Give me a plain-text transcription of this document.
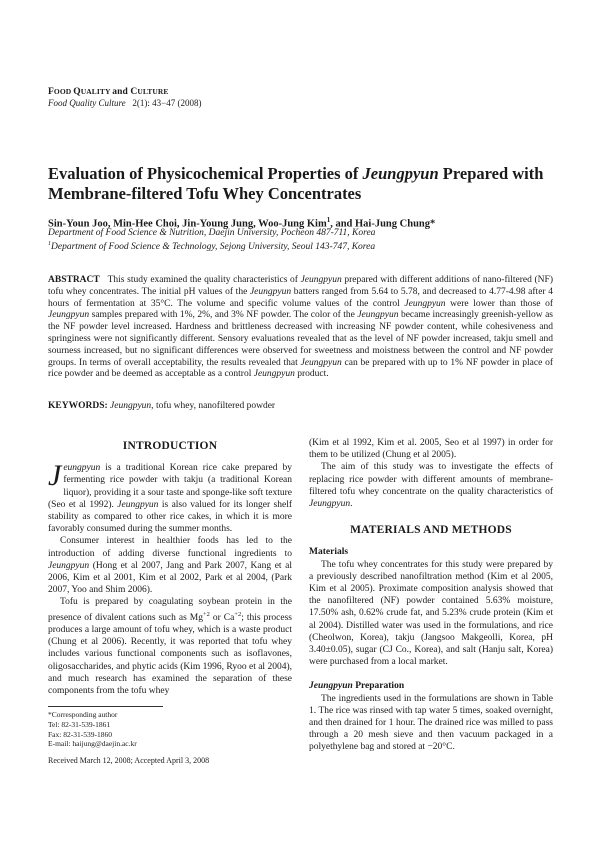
FOOD QUALITY and CULTURE
Food Quality Culture 2(1): 43−47 (2008)
Evaluation of Physicochemical Properties of Jeungpyun Prepared with
Membrane-filtered Tofu Whey Concentrates
Sin-Youn Joo, Min-Hee Choi, Jin-Young Jung, Woo-Jung Kim$^1$, and Hai-Jung Chung*
Department of Food Science & Nutrition, Daejin University, Pocheon 487-711, Korea
$^1$Department of Food Science & Technology, Sejong University, Seoul 143-747, Korea
ABSTRACT This study examined the quality characteristics of Jeungpyun prepared with different additions of nano-filtered (NF) tofu whey concentrates. The initial pH values of the Jeungpyun batters ranged from 5.64 to 5.78, and decreased to 4.77-4.98 after 4 hours of fermentation at 35°C. The volume and specific volume values of the control Jeungpyun were lower than those of Jeungpyun samples prepared with 1%, 2%, and 3% NF powder. The color of the Jeungpyun became increasingly greenish-yellow as the NF powder level increased. Hardness and brittleness decreased with increasing NF powder content, while cohesiveness and springiness were not significantly different. Sensory evaluations revealed that as the level of NF powder increased, takju smell and sourness increased, but no significant differences were observed for sweetness and moistness between the control and NF powder groups. In terms of overall acceptability, the results revealed that Jeungpyun can be prepared with up to 1% NF powder in place of rice powder and be deemed as acceptable as a control Jeungpyun product.
KEYWORDS: Jeungpyun, tofu whey, nanofiltered powder
INTRODUCTION

Jeungpyun is a traditional Korean rice cake prepared by fermenting rice powder with takju (a traditional Korean liquor), providing it a sour taste and sponge-like soft texture (Seo et al 1992). Jeungpyun is also valued for its longer shelf stability as compared to other rice cakes, in which it is more favorably consumed during the summer months.

Consumer interest in healthier foods has led to the introduction of adding diverse functional ingredients to Jeungpyun (Hong et al 2007, Jang and Park 2007, Kang et al 2006, Kim et al 2001, Kim et al 2002, Park et al 2004, (Park 2007, Yoo and Shim 2006).

Tofu is prepared by coagulating soybean protein in the presence of divalent cations such as $Mg^{+2}$ or $Ca^{+2}$; this process produces a large amount of tofu whey, which is a waste product (Chung et al 2006). Recently, it was reported that tofu whey includes various functional components such as isoflavones, oligosaccharides, and phytic acids (Kim 1996, Ryoo et al 2004), and much research has examined the separation of these components from the tofu whey

(Kim et al 1992, Kim et al. 2005, Seo et al 1997) in order for them to be utilized (Chung et al 2005).

The aim of this study was to investigate the effects of replacing rice powder with different amounts of membrane-filtered tofu whey concentrate on the quality characteristics of Jeungpyun.

MATERIALS AND METHODS

Materials

The tofu whey concentrates for this study were prepared by a previously described nanofiltration method (Kim et al 2005, Kim et al 2005). Proximate composition analysis showed that the nanofiltered (NF) powder contained 5.63% moisture, 17.50% ash, 0.62% crude fat, and 5.23% crude protein (Kim et al 2004). Distilled water was used in the formulations, and rice (Cheolwon, Korea), takju (Jangsoo Makgeolli, Korea, pH 3.40±0.05), sugar (CJ Co., Korea), and salt (Hanju salt, Korea) were purchased from a local market.

Jeungpyun Preparation

The ingredients used in the formulations are shown in Table 1. The rice was rinsed with tap water 5 times, soaked overnight, and then drained for 1 hour. The drained rice was milled to pass through a 20 mesh sieve and then vacuum packaged in a polyethylene bag and stored at −20°C.

*Corresponding author
Tel: 82-31-539-1861
Fax: 82-31-539-1860
E-mail: haijung@daejin.ac.kr
Received March 12, 2008; Accepted April 3, 2008
